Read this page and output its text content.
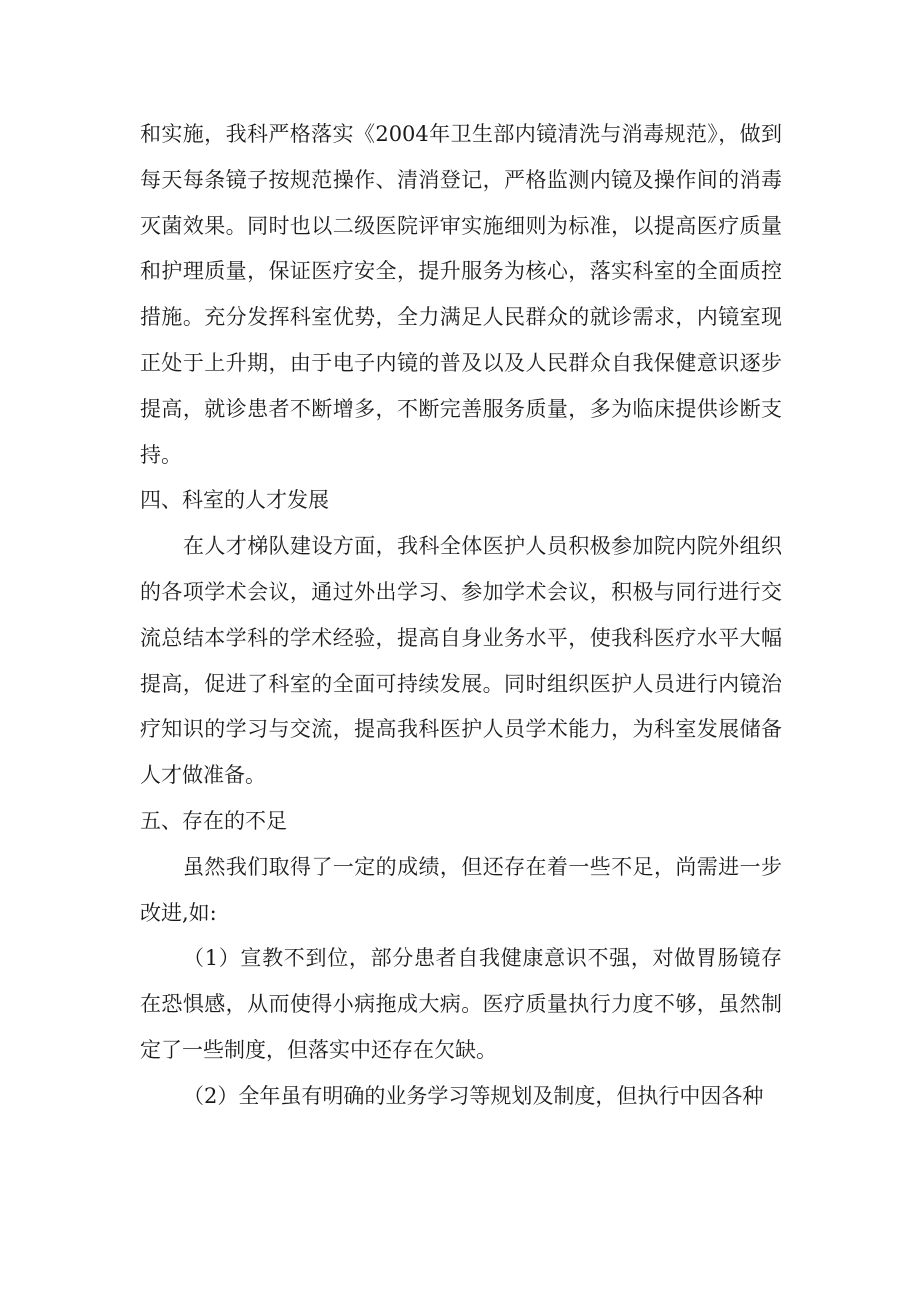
和实施，我科严格落实《2004年卫生部内镜清洗与消毒规范》，做到每天每条镜子按规范操作、清消登记，严格监测内镜及操作间的消毒灭菌效果。同时也以二级医院评审实施细则为标准，以提高医疗质量和护理质量，保证医疗安全，提升服务为核心，落实科室的全面质控措施。充分发挥科室优势，全力满足人民群众的就诊需求，内镜室现正处于上升期，由于电子内镜的普及以及人民群众自我保健意识逐步提高，就诊患者不断增多，不断完善服务质量，多为临床提供诊断支持。

四、科室的人才发展

在人才梯队建设方面，我科全体医护人员积极参加院内院外组织的各项学术会议，通过外出学习、参加学术会议，积极与同行进行交流总结本学科的学术经验，提高自身业务水平，使我科医疗水平大幅提高，促进了科室的全面可持续发展。同时组织医护人员进行内镜治疗知识的学习与交流，提高我科医护人员学术能力，为科室发展储备人才做准备。

五、存在的不足

虽然我们取得了一定的成绩，但还存在着一些不足，尚需进一步改进,如:

（1）宣教不到位，部分患者自我健康意识不强，对做胃肠镜存在恐惧感，从而使得小病拖成大病。医疗质量执行力度不够，虽然制定了一些制度，但落实中还存在欠缺。

（2）全年虽有明确的业务学习等规划及制度，但执行中因各种
